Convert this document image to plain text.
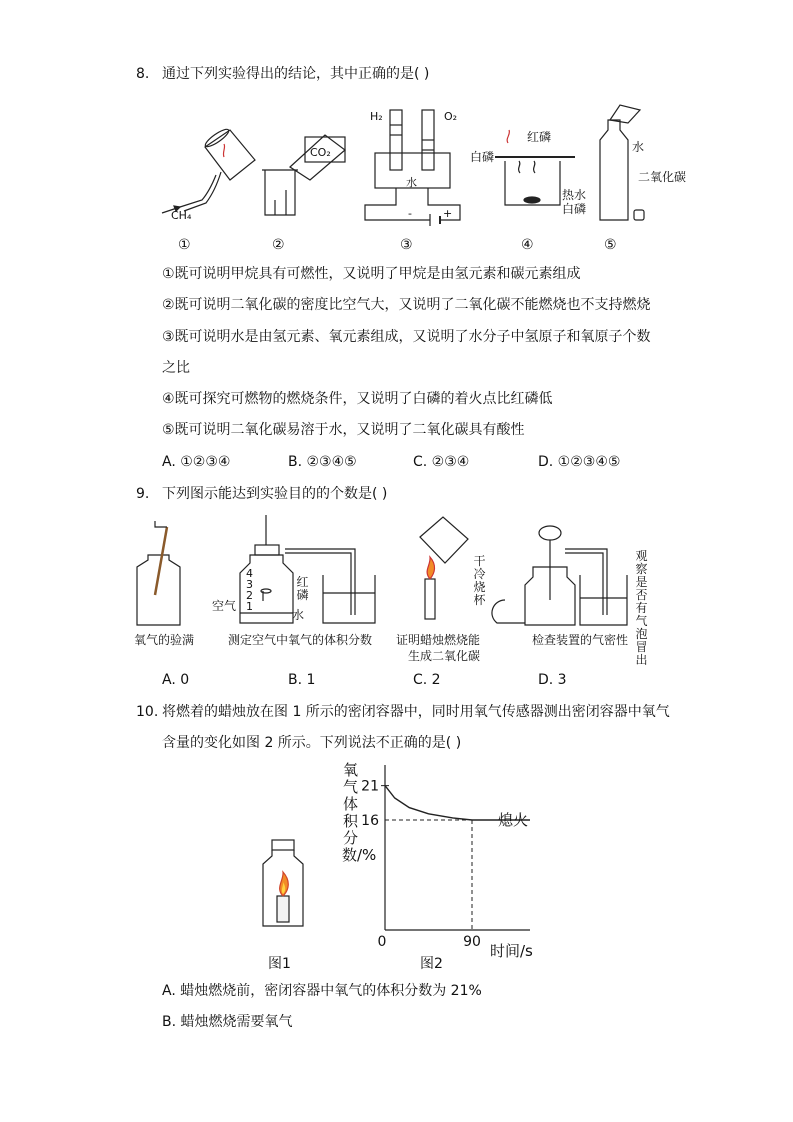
8. 通过下列实验得出的结论，其中正确的是( )
CH₄
CO₂
H₂	O₂
水
-	+
红磷
白磷
热水
白磷
水
二氧化碳
①	②	③	④	⑤
①既可说明甲烷具有可燃性，又说明了甲烷是由氢元素和碳元素组成
②既可说明二氧化碳的密度比空气大，又说明了二氧化碳不能燃烧也不支持燃烧
③既可说明水是由氢元素、氧元素组成，又说明了水分子中氢原子和氧原子个数
之比
④既可探究可燃物的燃烧条件，又说明了白磷的着火点比红磷低
⑤既可说明二氧化碳易溶于水，又说明了二氧化碳具有酸性
A. ①②③④	B. ②③④⑤	C. ②③④	D. ①②③④⑤
9. 下列图示能达到实验目的的个数是( )
4
3
2
1
空气
红磷
水
干冷烧杯
观察是否有气泡冒出
氧气的验满	测定空气中氧气的体积分数 证明蜡烛燃烧能
生成二氧化碳
检查装置的气密性
A. 0	B. 1	C. 2	D. 3
10. 将燃着的蜡烛放在图 1 所示的密闭容器中，同时用氧气传感器测出密闭容器中氧气
含量的变化如图 2 所示。下列说法不正确的是( )
图1
氧气体积分数/%
21
16
0	90 时间/s
熄火
图2
A. 蜡烛燃烧前，密闭容器中氧气的体积分数为 21%
B. 蜡烛燃烧需要氧气
